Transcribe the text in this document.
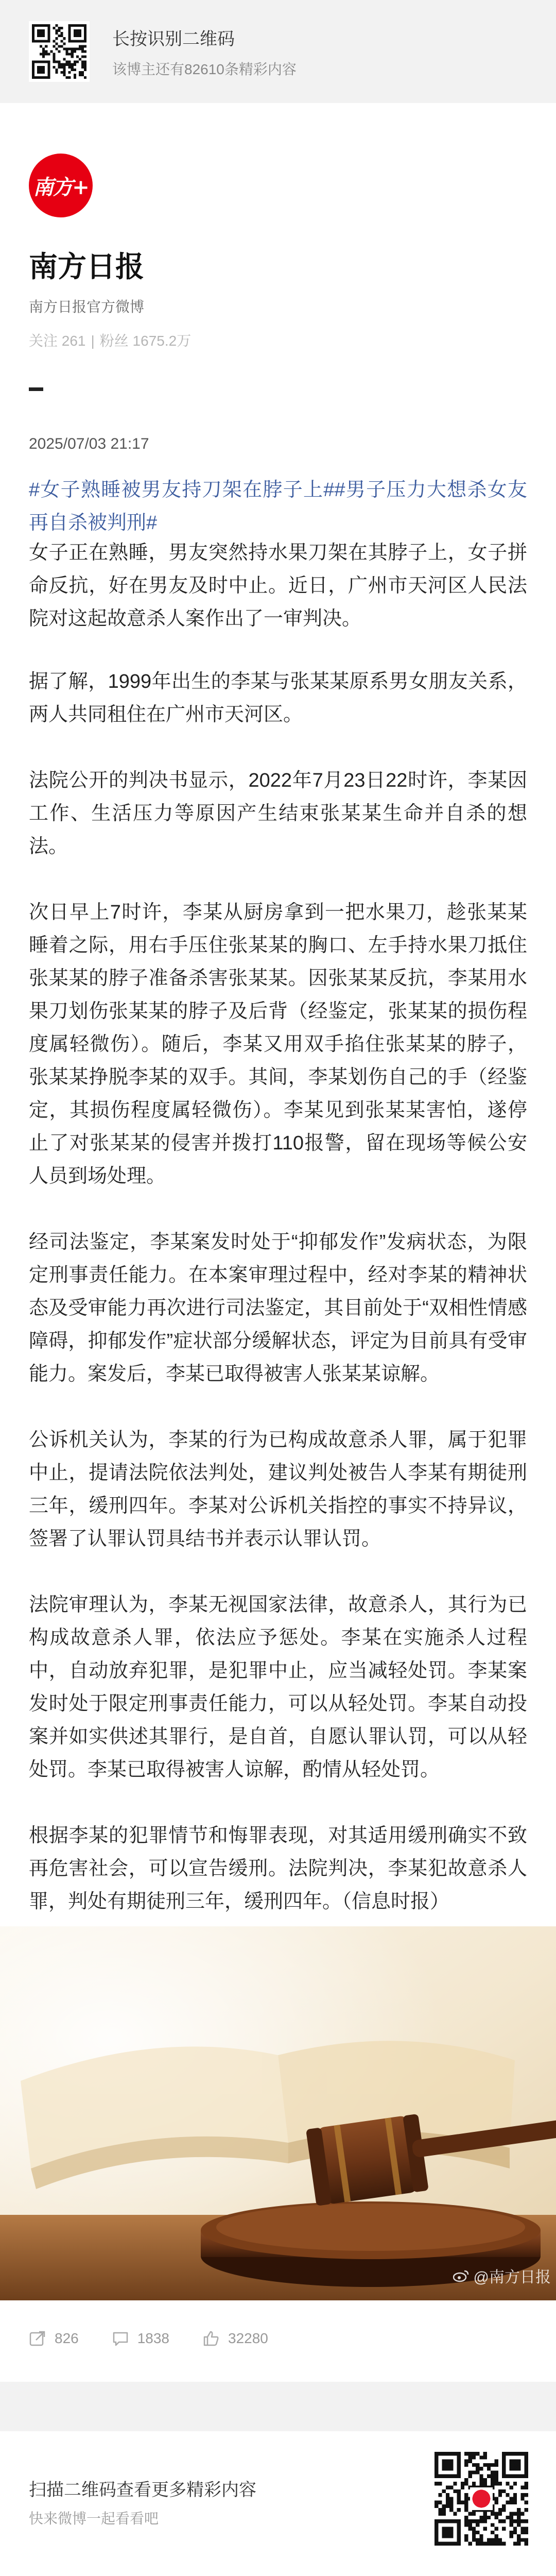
长按识别二维码
该博主还有82610条精彩内容
南方+
南方日报
南方日报官方微博
关注 261 | 粉丝 1675.2万
2025/07/03 21:17

#女子熟睡被男友持刀架在脖子上##男子压力大想杀女友再自杀被判刑#

女子正在熟睡，男友突然持水果刀架在其脖子上，女子拼命反抗，好在男友及时中止。近日，广州市天河区人民法院对这起故意杀人案作出了一审判决。

据了解，1999年出生的李某与张某某原系男女朋友关系，两人共同租住在广州市天河区。

法院公开的判决书显示，2022年7月23日22时许，李某因工作、生活压力等原因产生结束张某某生命并自杀的想法。

次日早上7时许，李某从厨房拿到一把水果刀，趁张某某睡着之际，用右手压住张某某的胸口、左手持水果刀抵住张某某的脖子准备杀害张某某。因张某某反抗，李某用水果刀划伤张某某的脖子及后背（经鉴定，张某某的损伤程度属轻微伤）。随后，李某又用双手掐住张某某的脖子，张某某挣脱李某的双手。其间，李某划伤自己的手（经鉴定，其损伤程度属轻微伤）。李某见到张某某害怕，遂停止了对张某某的侵害并拨打110报警，留在现场等候公安人员到场处理。

经司法鉴定，李某案发时处于“抑郁发作”发病状态，为限定刑事责任能力。在本案审理过程中，经对李某的精神状态及受审能力再次进行司法鉴定，其目前处于“双相性情感障碍，抑郁发作”症状部分缓解状态，评定为目前具有受审能力。案发后，李某已取得被害人张某某谅解。

公诉机关认为，李某的行为已构成故意杀人罪，属于犯罪中止，提请法院依法判处，建议判处被告人李某有期徒刑三年，缓刑四年。李某对公诉机关指控的事实不持异议，签署了认罪认罚具结书并表示认罪认罚。

法院审理认为，李某无视国家法律，故意杀人，其行为已构成故意杀人罪，依法应予惩处。李某在实施杀人过程中，自动放弃犯罪，是犯罪中止，应当减轻处罚。李某案发时处于限定刑事责任能力，可以从轻处罚。李某自动投案并如实供述其罪行，是自首，自愿认罪认罚，可以从轻处罚。李某已取得被害人谅解，酌情从轻处罚。

根据李某的犯罪情节和悔罪表现，对其适用缓刑确实不致再危害社会，可以宣告缓刑。法院判决，李某犯故意杀人罪，判处有期徒刑三年，缓刑四年。（信息时报）

@南方日报
826	1838	32280
扫描二维码查看更多精彩内容
快来微博一起看看吧
